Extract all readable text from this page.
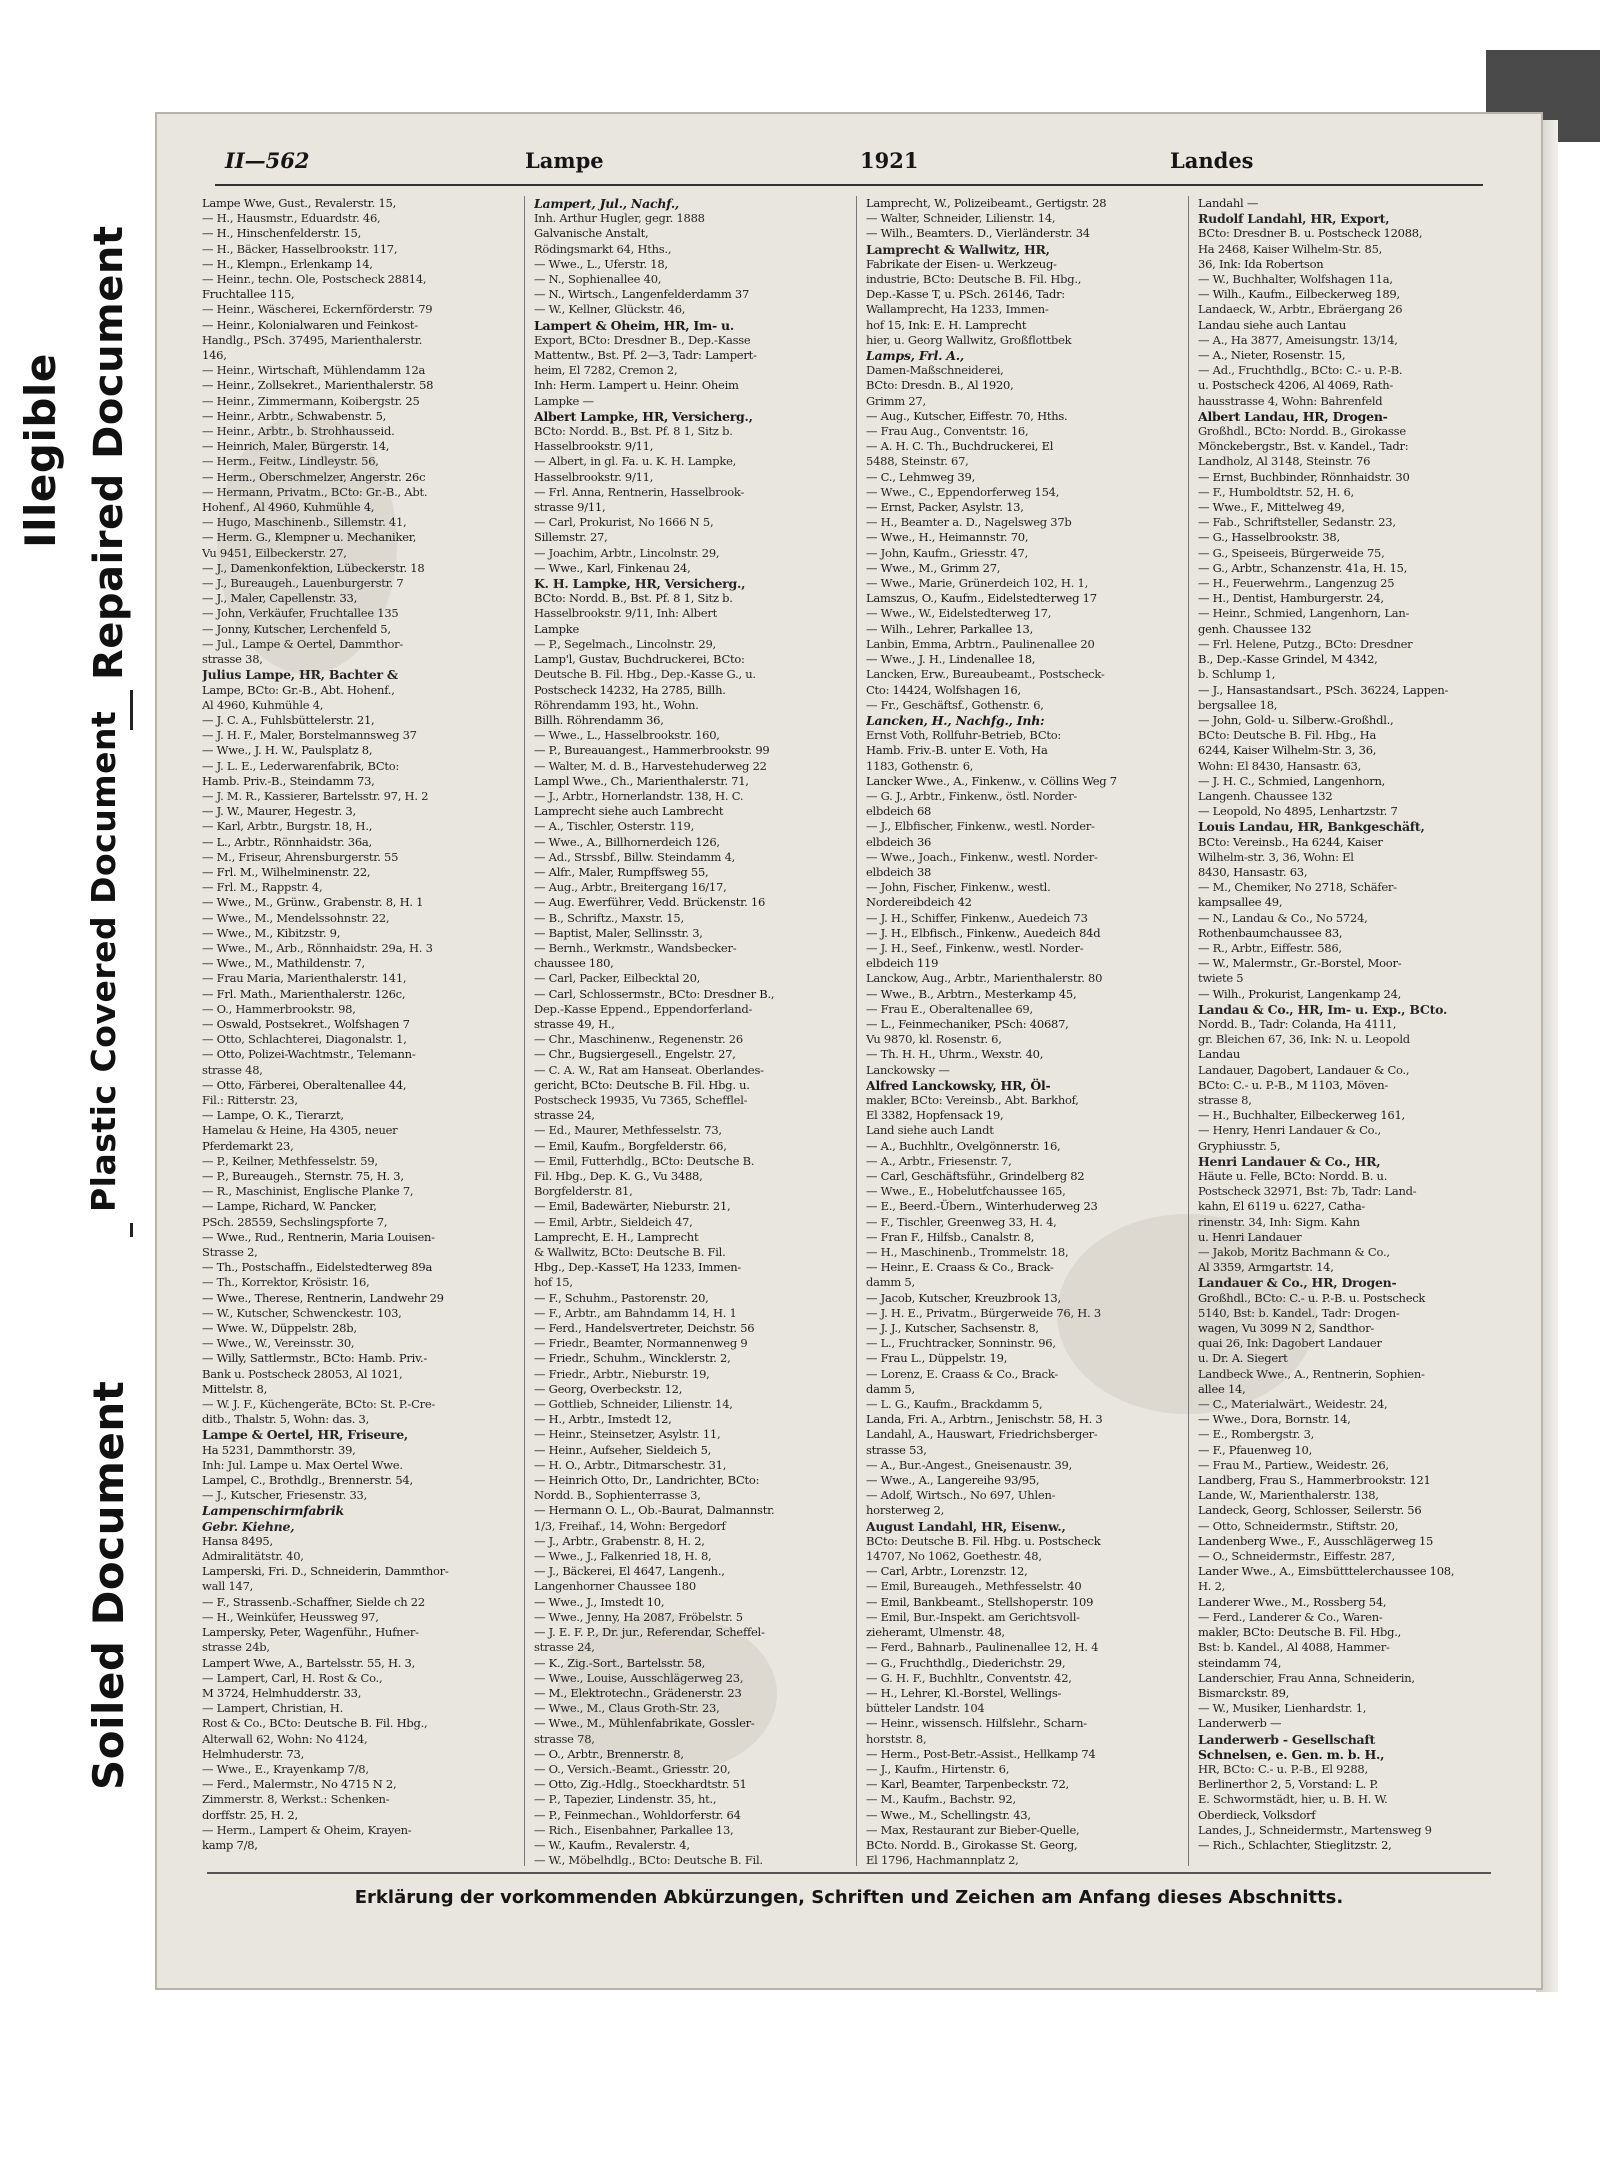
Illegible Repaired Document
Plastic Covered Document
Soiled Document
II—562	Lampe	1921	Landes
Lampe Wwe, Gust., Revalerstr. 15,
— H., Hausmstr., Eduardstr. 46,
— H., Hinschenfelderstr. 15,
— H., Bäcker, Hasselbrookstr. 117,
— H., Klempn., Erlenkamp 14,
— Heinr., techn. Ole, Postscheck 28814,
Fruchtallee 115,
— Heinr., Wäscherei, Eckernförderstr. 79
— Heinr., Kolonialwaren und Feinkost-
Handlg., PSch. 37495, Marienthalerstr.
146,
— Heinr., Wirtschaft, Mühlendamm 12a
— Heinr., Zollsekret., Marienthalerstr. 58
— Heinr., Zimmermann, Koibergstr. 25
— Heinr., Arbtr., Schwabenstr. 5,
— Heinr., Arbtr., b. Strohhausseid.
— Heinrich, Maler, Bürgerstr. 14,
— Herm., Feitw., Lindleystr. 56,
— Herm., Oberschmelzer, Angerstr. 26c
— Hermann, Privatm., BCto: Gr.-B., Abt.
Hohenf., Al 4960, Kuhmühle 4,
— Hugo, Maschinenb., Sillemstr. 41,
— Herm. G., Klempner u. Mechaniker,
Vu 9451, Eilbeckerstr. 27,
— J., Damenkonfektion, Lübeckerstr. 18
— J., Bureaugeh., Lauenburgerstr. 7
— J., Maler, Capellenstr. 33,
— John, Verkäufer, Fruchtallee 135
— Jonny, Kutscher, Lerchenfeld 5,
— Jul., Lampe & Oertel, Dammthor-
strasse 38,
Julius Lampe, HR, Bachter &
Lampe, BCto: Gr.-B., Abt. Hohenf.,
Al 4960, Kuhmühle 4,
— J. C. A., Fuhlsbüttelerstr. 21,
— J. H. F., Maler, Borstelmannsweg 37
— Wwe., J. H. W., Paulsplatz 8,
— J. L. E., Lederwarenfabrik, BCto:
Hamb. Priv.-B., Steindamm 73,
— J. M. R., Kassierer, Bartelsstr. 97, H. 2
— J. W., Maurer, Hegestr. 3,
— Karl, Arbtr., Burgstr. 18, H.,
— L., Arbtr., Rönnhaidstr. 36a,
— M., Friseur, Ahrensburgerstr. 55
— Frl. M., Wilhelminenstr. 22,
— Frl. M., Rappstr. 4,
— Wwe., M., Grünw., Grabenstr. 8, H. 1
— Wwe., M., Mendelssohnstr. 22,
— Wwe., M., Kibitzstr. 9,
— Wwe., M., Arb., Rönnhaidstr. 29a, H. 3
— Wwe., M., Mathildenstr. 7,
— Frau Maria, Marienthalerstr. 141,
— Frl. Math., Marienthalerstr. 126c,
— O., Hammerbrookstr. 98,
— Oswald, Postsekret., Wolfshagen 7
— Otto, Schlachterei, Diagonalstr. 1,
— Otto, Polizei-Wachtmstr., Telemann-
strasse 48,
— Otto, Färberei, Oberaltenallee 44,
Fil.: Ritterstr. 23,
— Lampe, O. K., Tierarzt,
Hamelau & Heine, Ha 4305, neuer
Pferdemarkt 23,
— P., Keilner, Methfesselstr. 59,
— P., Bureaugeh., Sternstr. 75, H. 3,
— R., Maschinist, Englische Planke 7,
— Lampe, Richard, W. Pancker,
PSch. 28559, Sechslingspforte 7,
— Wwe., Rud., Rentnerin, Maria Louisen-
Strasse 2,
— Th., Postschaffn., Eidelstedterweg 89a
— Th., Korrektor, Krösistr. 16,
— Wwe., Therese, Rentnerin, Landwehr 29
— W., Kutscher, Schwenckestr. 103,
— Wwe. W., Düppelstr. 28b,
— Wwe., W., Vereinsstr. 30,
— Willy, Sattlermstr., BCto: Hamb. Priv.-
Bank u. Postscheck 28053, Al 1021,
Mittelstr. 8,
— W. J. F., Küchengeräte, BCto: St. P.-Cre-
ditb., Thalstr. 5, Wohn: das. 3,
Lampe & Oertel, HR, Friseure,
Ha 5231, Dammthorstr. 39,
Inh: Jul. Lampe u. Max Oertel Wwe.
Lampel, C., Brothdlg., Brennerstr. 54,
— J., Kutscher, Friesenstr. 33,
Lampenschirmfabrik
Gebr. Kiehne,
Hansa 8495,
Admiralitätstr. 40,
Lamperski, Fri. D., Schneiderin, Dammthor-
wall 147,
— F., Strassenb.-Schaffner, Sielde ch 22
— H., Weinküfer, Heussweg 97,
Lampersky, Peter, Wagenführ., Hufner-
strasse 24b,
Lampert Wwe, A., Bartelsstr. 55, H. 3,
— Lampert, Carl, H. Rost & Co.,
M 3724, Helmhudderstr. 33,
— Lampert, Christian, H.
Rost & Co., BCto: Deutsche B. Fil. Hbg.,
Alterwall 62, Wohn: No 4124,
Helmhuderstr. 73,
— Wwe., E., Krayenkamp 7/8,
— Ferd., Malermstr., No 4715 N 2,
Zimmerstr. 8, Werkst.: Schenken-
dorffstr. 25, H. 2,
— Herm., Lampert & Oheim, Krayen-
kamp 7/8,
Lampert, Jul., Nachf.,
Inh. Arthur Hugler, gegr. 1888
Galvanische Anstalt,
Rödingsmarkt 64, Hths.,
— Wwe., L., Uferstr. 18,
— N., Sophienallee 40,
— N., Wirtsch., Langenfelderdamm 37
— W., Kellner, Glückstr. 46,
Lampert & Oheim, HR, Im- u.
Export, BCto: Dresdner B., Dep.-Kasse
Mattentw., Bst. Pf. 2—3, Tadr: Lampert-
heim, El 7282, Cremon 2,
Inh: Herm. Lampert u. Heinr. Oheim
Lampke —
Albert Lampke, HR, Versicherg.,
BCto: Nordd. B., Bst. Pf. 8 1, Sitz b.
Hasselbrookstr. 9/11,
— Albert, in gl. Fa. u. K. H. Lampke,
Hasselbrookstr. 9/11,
— Frl. Anna, Rentnerin, Hasselbrook-
strasse 9/11,
— Carl, Prokurist, No 1666 N 5,
Sillemstr. 27,
— Joachim, Arbtr., Lincolnstr. 29,
— Wwe., Karl, Finkenau 24,
K. H. Lampke, HR, Versicherg.,
BCto: Nordd. B., Bst. Pf. 8 1, Sitz b.
Hasselbrookstr. 9/11, Inh: Albert
Lampke
— P., Segelmach., Lincolnstr. 29,
Lamp'l, Gustav, Buchdruckerei, BCto:
Deutsche B. Fil. Hbg., Dep.-Kasse G., u.
Postscheck 14232, Ha 2785, Billh.
Röhrendamm 193, ht., Wohn.
Billh. Röhrendamm 36,
— Wwe., L., Hasselbrookstr. 160,
— P., Bureauangest., Hammerbrookstr. 99
— Walter, M. d. B., Harvestehuderweg 22
Lampl Wwe., Ch., Marienthalerstr. 71,
— J., Arbtr., Hornerlandstr. 138, H. C.
Lamprecht siehe auch Lambrecht
— A., Tischler, Osterstr. 119,
— Wwe., A., Billhornerdeich 126,
— Ad., Strssbf., Billw. Steindamm 4,
— Alfr., Maler, Rumpffsweg 55,
— Aug., Arbtr., Breitergang 16/17,
— Aug. Ewerführer, Vedd. Brückenstr. 16
— B., Schriftz., Maxstr. 15,
— Baptist, Maler, Sellinsstr. 3,
— Bernh., Werkmstr., Wandsbecker-
chaussee 180,
— Carl, Packer, Eilbecktal 20,
— Carl, Schlossermstr., BCto: Dresdner B.,
Dep.-Kasse Eppend., Eppendorferland-
strasse 49, H.,
— Chr., Maschinenw., Regenenstr. 26
— Chr., Bugsiergesell., Engelstr. 27,
— C. A. W., Rat am Hanseat. Oberlandes-
gericht, BCto: Deutsche B. Fil. Hbg. u.
Postscheck 19935, Vu 7365, Schefflel-
strasse 24,
— Ed., Maurer, Methfesselstr. 73,
— Emil, Kaufm., Borgfelderstr. 66,
— Emil, Futterhdlg., BCto: Deutsche B.
Fil. Hbg., Dep. K. G., Vu 3488,
Borgfelderstr. 81,
— Emil, Badewärter, Nieburstr. 21,
— Emil, Arbtr., Sieldeich 47,
Lamprecht, E. H., Lamprecht
& Wallwitz, BCto: Deutsche B. Fil.
Hbg., Dep.-KasseT, Ha 1233, Immen-
hof 15,
— F., Schuhm., Pastorenstr. 20,
— F., Arbtr., am Bahndamm 14, H. 1
— Ferd., Handelsvertreter, Deichstr. 56
— Friedr., Beamter, Normannenweg 9
— Friedr., Schuhm., Wincklerstr. 2,
— Friedr., Arbtr., Nieburstr. 19,
— Georg, Overbeckstr. 12,
— Gottlieb, Schneider, Lilienstr. 14,
— H., Arbtr., Imstedt 12,
— Heinr., Steinsetzer, Asylstr. 11,
— Heinr., Aufseher, Sieldeich 5,
— H. O., Arbtr., Ditmarschestr. 31,
— Heinrich Otto, Dr., Landrichter, BCto:
Nordd. B., Sophienterrasse 3,
— Hermann O. L., Ob.-Baurat, Dalmannstr.
1/3, Freihaf., 14, Wohn: Bergedorf
— J., Arbtr., Grabenstr. 8, H. 2,
— Wwe., J., Falkenried 18, H. 8,
— J., Bäckerei, El 4647, Langenh.,
Langenhorner Chaussee 180
— Wwe., J., Imstedt 10,
— Wwe., Jenny, Ha 2087, Fröbelstr. 5
— J. E. F. P., Dr. jur., Referendar, Scheffel-
strasse 24,
— K., Zig.-Sort., Bartelsstr. 58,
— Wwe., Louise, Ausschlägerweg 23,
— M., Elektrotechn., Grädenerstr. 23
— Wwe., M., Claus Groth-Str. 23,
— Wwe., M., Mühlenfabrikate, Gossler-
strasse 78,
— O., Arbtr., Brennerstr. 8,
— O., Versich.-Beamt., Griesstr. 20,
— Otto, Zig.-Hdlg., Stoeckhardtstr. 51
— P., Tapezier, Lindenstr. 35, ht.,
— P., Feinmechan., Wohldorferstr. 64
— Rich., Eisenbahner, Parkallee 13,
— W., Kaufm., Revalerstr. 4,
— W., Möbelhdlg., BCto: Deutsche B. Fil.
Lamprecht, W., Polizeibeamt., Gertigstr. 28
— Walter, Schneider, Lilienstr. 14,
— Wilh., Beamters. D., Vierländerstr. 34
Lamprecht & Wallwitz, HR,
Fabrikate der Eisen- u. Werkzeug-
industrie, BCto: Deutsche B. Fil. Hbg.,
Dep.-Kasse T, u. PSch. 26146, Tadr:
Wallamprecht, Ha 1233, Immen-
hof 15, Ink: E. H. Lamprecht
hier, u. Georg Wallwitz, Großflottbek
Lamps, Frl. A.,
Damen-Maßschneiderei,
BCto: Dresdn. B., Al 1920,
Grimm 27,
— Aug., Kutscher, Eiffestr. 70, Hths.
— Frau Aug., Conventstr. 16,
— A. H. C. Th., Buchdruckerei, El
5488, Steinstr. 67,
— C., Lehmweg 39,
— Wwe., C., Eppendorferweg 154,
— Ernst, Packer, Asylstr. 13,
— H., Beamter a. D., Nagelsweg 37b
— Wwe., H., Heimannstr. 70,
— John, Kaufm., Griesstr. 47,
— Wwe., M., Grimm 27,
— Wwe., Marie, Grünerdeich 102, H. 1,
Lamszus, O., Kaufm., Eidelstedterweg 17
— Wwe., W., Eidelstedterweg 17,
— Wilh., Lehrer, Parkallee 13,
Lanbin, Emma, Arbtrn., Paulinenallee 20
— Wwe., J. H., Lindenallee 18,
Lancken, Erw., Bureaubeamt., Postscheck-
Cto: 14424, Wolfshagen 16,
— Fr., Geschäftsf., Gothenstr. 6,
Lancken, H., Nachfg., Inh:
Ernst Voth, Rollfuhr-Betrieb, BCto:
Hamb. Friv.-B. unter E. Voth, Ha
1183, Gothenstr. 6,
Lancker Wwe., A., Finkenw., v. Cöllins Weg 7
— G. J., Arbtr., Finkenw., östl. Norder-
elbdeich 68
— J., Elbfischer, Finkenw., westl. Norder-
elbdeich 36
— Wwe., Joach., Finkenw., westl. Norder-
elbdeich 38
— John, Fischer, Finkenw., westl.
Nordereibdeich 42
— J. H., Schiffer, Finkenw., Auedeich 73
— J. H., Elbfisch., Finkenw., Auedeich 84d
— J. H., Seef., Finkenw., westl. Norder-
elbdeich 119
Lanckow, Aug., Arbtr., Marienthalerstr. 80
— Wwe., B., Arbtrn., Mesterkamp 45,
— Frau E., Oberaltenallee 69,
— L., Feinmechaniker, PSch: 40687,
Vu 9870, kl. Rosenstr. 6,
— Th. H. H., Uhrm., Wexstr. 40,
Lanckowsky —
Alfred Lanckowsky, HR, Öl-
makler, BCto: Vereinsb., Abt. Barkhof,
El 3382, Hopfensack 19,
Land siehe auch Landt
— A., Buchhltr., Ovelgönnerstr. 16,
— A., Arbtr., Friesenstr. 7,
— Carl, Geschäftsführ., Grindelberg 82
— Wwe., E., Hobelutfchaussee 165,
— E., Beerd.-Übern., Winterhuderweg 23
— F., Tischler, Greenweg 33, H. 4,
— Fran F., Hilfsb., Canalstr. 8,
— H., Maschinenb., Trommelstr. 18,
— Heinr., E. Craass & Co., Brack-
damm 5,
— Jacob, Kutscher, Kreuzbrook 13,
— J. H. E., Privatm., Bürgerweide 76, H. 3
— J. J., Kutscher, Sachsenstr. 8,
— L., Fruchtracker, Sonninstr. 96,
— Frau L., Düppelstr. 19,
— Lorenz, E. Craass & Co., Brack-
damm 5,
— L. G., Kaufm., Brackdamm 5,
Landa, Fri. A., Arbtrn., Jenischstr. 58, H. 3
Landahl, A., Hauswart, Friedrichsberger-
strasse 53,
— A., Bur.-Angest., Gneisenaustr. 39,
— Wwe., A., Langereihe 93/95,
— Adolf, Wirtsch., No 697, Uhlen-
horsterweg 2,
August Landahl, HR, Eisenw.,
BCto: Deutsche B. Fil. Hbg. u. Postscheck
14707, No 1062, Goethestr. 48,
— Carl, Arbtr., Lorenzstr. 12,
— Emil, Bureaugeh., Methfesselstr. 40
— Emil, Bankbeamt., Stellshoperstr. 109
— Emil, Bur.-Inspekt. am Gerichtsvoll-
zieheramt, Ulmenstr. 48,
— Ferd., Bahnarb., Paulinenallee 12, H. 4
— G., Fruchthdlg., Diederichstr. 29,
— G. H. F., Buchhltr., Conventstr. 42,
— H., Lehrer, Kl.-Borstel, Wellings-
bütteler Landstr. 104
— Heinr., wissensch. Hilfslehr., Scharn-
horststr. 8,
— Herm., Post-Betr.-Assist., Hellkamp 74
— J., Kaufm., Hirtenstr. 6,
— Karl, Beamter, Tarpenbeckstr. 72,
— M., Kaufm., Bachstr. 92,
— Wwe., M., Schellingstr. 43,
— Max, Restaurant zur Bieber-Quelle,
BCto. Nordd. B., Girokasse St. Georg,
El 1796, Hachmannplatz 2,
Landahl —
Rudolf Landahl, HR, Export,
BCto: Dresdner B. u. Postscheck 12088,
Ha 2468, Kaiser Wilhelm-Str. 85,
36, Ink: Ida Robertson
— W., Buchhalter, Wolfshagen 11a,
— Wilh., Kaufm., Eilbeckerweg 189,
Landaeck, W., Arbtr., Ebräergang 26
Landau siehe auch Lantau
— A., Ha 3877, Ameisungstr. 13/14,
— A., Nieter, Rosenstr. 15,
— Ad., Fruchthdlg., BCto: C.- u. P.-B.
u. Postscheck 4206, Al 4069, Rath-
hausstrasse 4, Wohn: Bahrenfeld
Albert Landau, HR, Drogen-
Großhdl., BCto: Nordd. B., Girokasse
Mönckebergstr., Bst. v. Kandel., Tadr:
Landholz, Al 3148, Steinstr. 76
— Ernst, Buchbinder, Rönnhaidstr. 30
— F., Humboldtstr. 52, H. 6,
— Wwe., F., Mittelweg 49,
— Fab., Schriftsteller, Sedanstr. 23,
— G., Hasselbrookstr. 38,
— G., Speiseeis, Bürgerweide 75,
— G., Arbtr., Schanzenstr. 41a, H. 15,
— H., Feuerwehrm., Langenzug 25
— H., Dentist, Hamburgerstr. 24,
— Heinr., Schmied, Langenhorn, Lan-
genh. Chaussee 132
— Frl. Helene, Putzg., BCto: Dresdner
B., Dep.-Kasse Grindel, M 4342,
b. Schlump 1,
— J., Hansastandsart., PSch. 36224, Lappen-
bergsallee 18,
— John, Gold- u. Silberw.-Großhdl.,
BCto: Deutsche B. Fil. Hbg., Ha
6244, Kaiser Wilhelm-Str. 3, 36,
Wohn: El 8430, Hansastr. 63,
— J. H. C., Schmied, Langenhorn,
Langenh. Chaussee 132
— Leopold, No 4895, Lenhartzstr. 7
Louis Landau, HR, Bankgeschäft,
BCto: Vereinsb., Ha 6244, Kaiser
Wilhelm-str. 3, 36, Wohn: El
8430, Hansastr. 63,
— M., Chemiker, No 2718, Schäfer-
kampsallee 49,
— N., Landau & Co., No 5724,
Rothenbaumchaussee 83,
— R., Arbtr., Eiffestr. 586,
— W., Malermstr., Gr.-Borstel, Moor-
twiete 5
— Wilh., Prokurist, Langenkamp 24,
Landau & Co., HR, Im- u. Exp., BCto.
Nordd. B., Tadr: Colanda, Ha 4111,
gr. Bleichen 67, 36, Ink: N. u. Leopold
Landau
Landauer, Dagobert, Landauer & Co.,
BCto: C.- u. P.-B., M 1103, Möven-
strasse 8,
— H., Buchhalter, Eilbeckerweg 161,
— Henry, Henri Landauer & Co.,
Gryphiusstr. 5,
Henri Landauer & Co., HR,
Häute u. Felle, BCto: Nordd. B. u.
Postscheck 32971, Bst: 7b, Tadr: Land-
kahn, El 6119 u. 6227, Catha-
rinenstr. 34, Inh: Sigm. Kahn
u. Henri Landauer
— Jakob, Moritz Bachmann & Co.,
Al 3359, Armgartstr. 14,
Landauer & Co., HR, Drogen-
Großhdl., BCto: C.- u. P.-B. u. Postscheck
5140, Bst: b. Kandel., Tadr: Drogen-
wagen, Vu 3099 N 2, Sandthor-
quai 26, Ink: Dagobert Landauer
u. Dr. A. Siegert
Landbeck Wwe., A., Rentnerin, Sophien-
allee 14,
— C., Materialwärt., Weidestr. 24,
— Wwe., Dora, Bornstr. 14,
— E., Rombergstr. 3,
— F., Pfauenweg 10,
— Frau M., Partiew., Weidestr. 26,
Landberg, Frau S., Hammerbrookstr. 121
Lande, W., Marienthalerstr. 138,
Landeck, Georg, Schlosser, Seilerstr. 56
— Otto, Schneidermstr., Stiftstr. 20,
Landenberg Wwe., F., Ausschlägerweg 15
— O., Schneidermstr., Eiffestr. 287,
Lander Wwe., A., Eimsbütttelerchaussee 108,
H. 2,
Landerer Wwe., M., Rossberg 54,
— Ferd., Landerer & Co., Waren-
makler, BCto: Deutsche B. Fil. Hbg.,
Bst: b. Kandel., Al 4088, Hammer-
steindamm 74,
Landerschier, Frau Anna, Schneiderin,
Bismarckstr. 89,
— W., Musiker, Lienhardstr. 1,
Landerwerb —
Landerwerb - Gesellschaft
Schnelsen, e. Gen. m. b. H.,
HR, BCto: C.- u. P.-B., El 9288,
Berlinerthor 2, 5, Vorstand: L. P.
E. Schwormstädt, hier, u. B. H. W.
Oberdieck, Volksdorf
Landes, J., Schneidermstr., Martensweg 9
— Rich., Schlachter, Stieglitzstr. 2,
Erklärung der vorkommenden Abkürzungen, Schriften und Zeichen am Anfang dieses Abschnitts.
